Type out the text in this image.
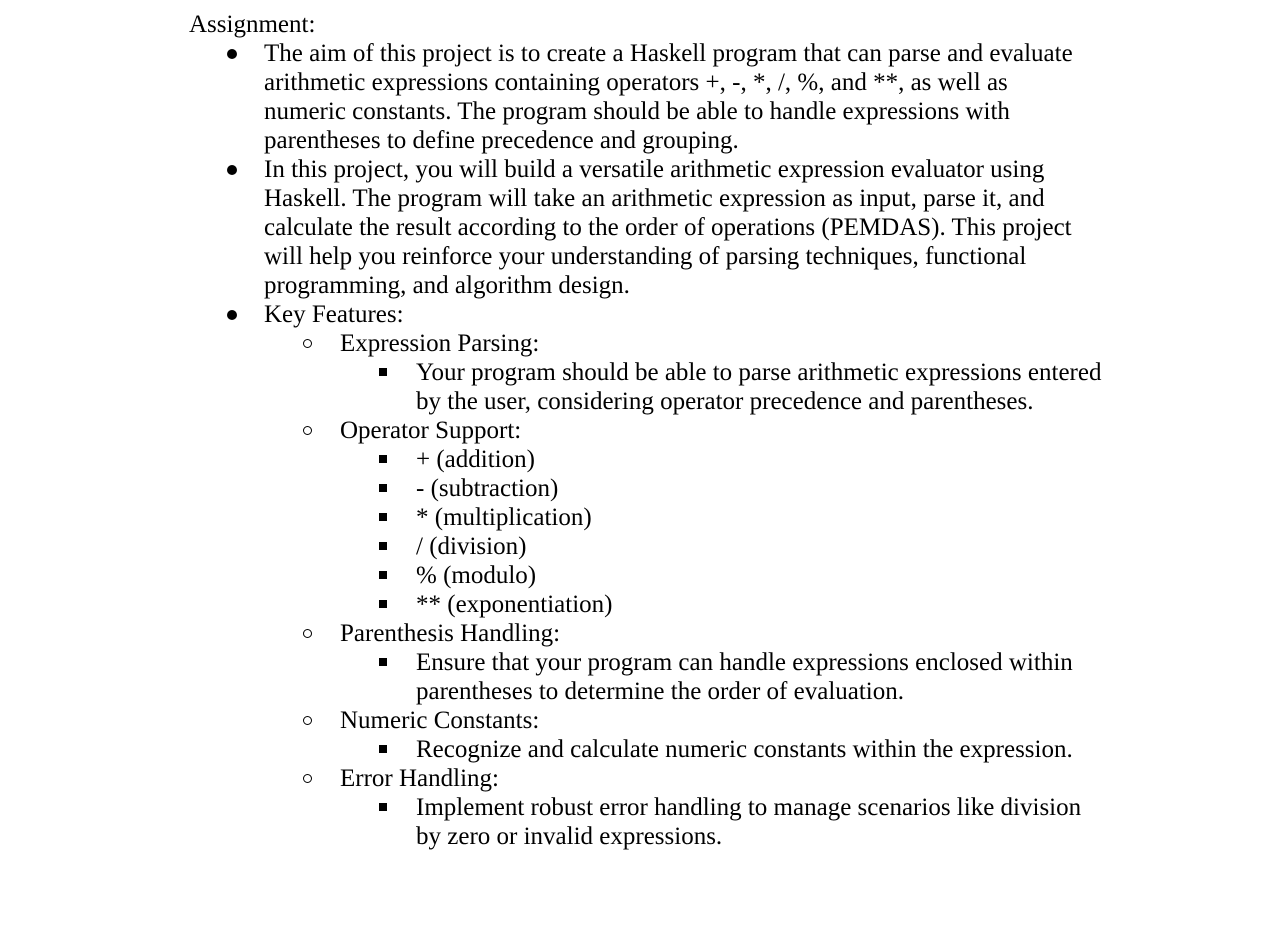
Assignment:
The aim of this project is to create a Haskell program that can parse and evaluate arithmetic expressions containing operators +, -, *, /, %, and **, as well as numeric constants. The program should be able to handle expressions with parentheses to define precedence and grouping.
In this project, you will build a versatile arithmetic expression evaluator using Haskell. The program will take an arithmetic expression as input, parse it, and calculate the result according to the order of operations (PEMDAS). This project will help you reinforce your understanding of parsing techniques, functional programming, and algorithm design.
Key Features:
Expression Parsing:
Your program should be able to parse arithmetic expressions entered by the user, considering operator precedence and parentheses.
Operator Support:
+ (addition)
- (subtraction)
* (multiplication)
/ (division)
% (modulo)
** (exponentiation)
Parenthesis Handling:
Ensure that your program can handle expressions enclosed within parentheses to determine the order of evaluation.
Numeric Constants:
Recognize and calculate numeric constants within the expression.
Error Handling:
Implement robust error handling to manage scenarios like division by zero or invalid expressions.
